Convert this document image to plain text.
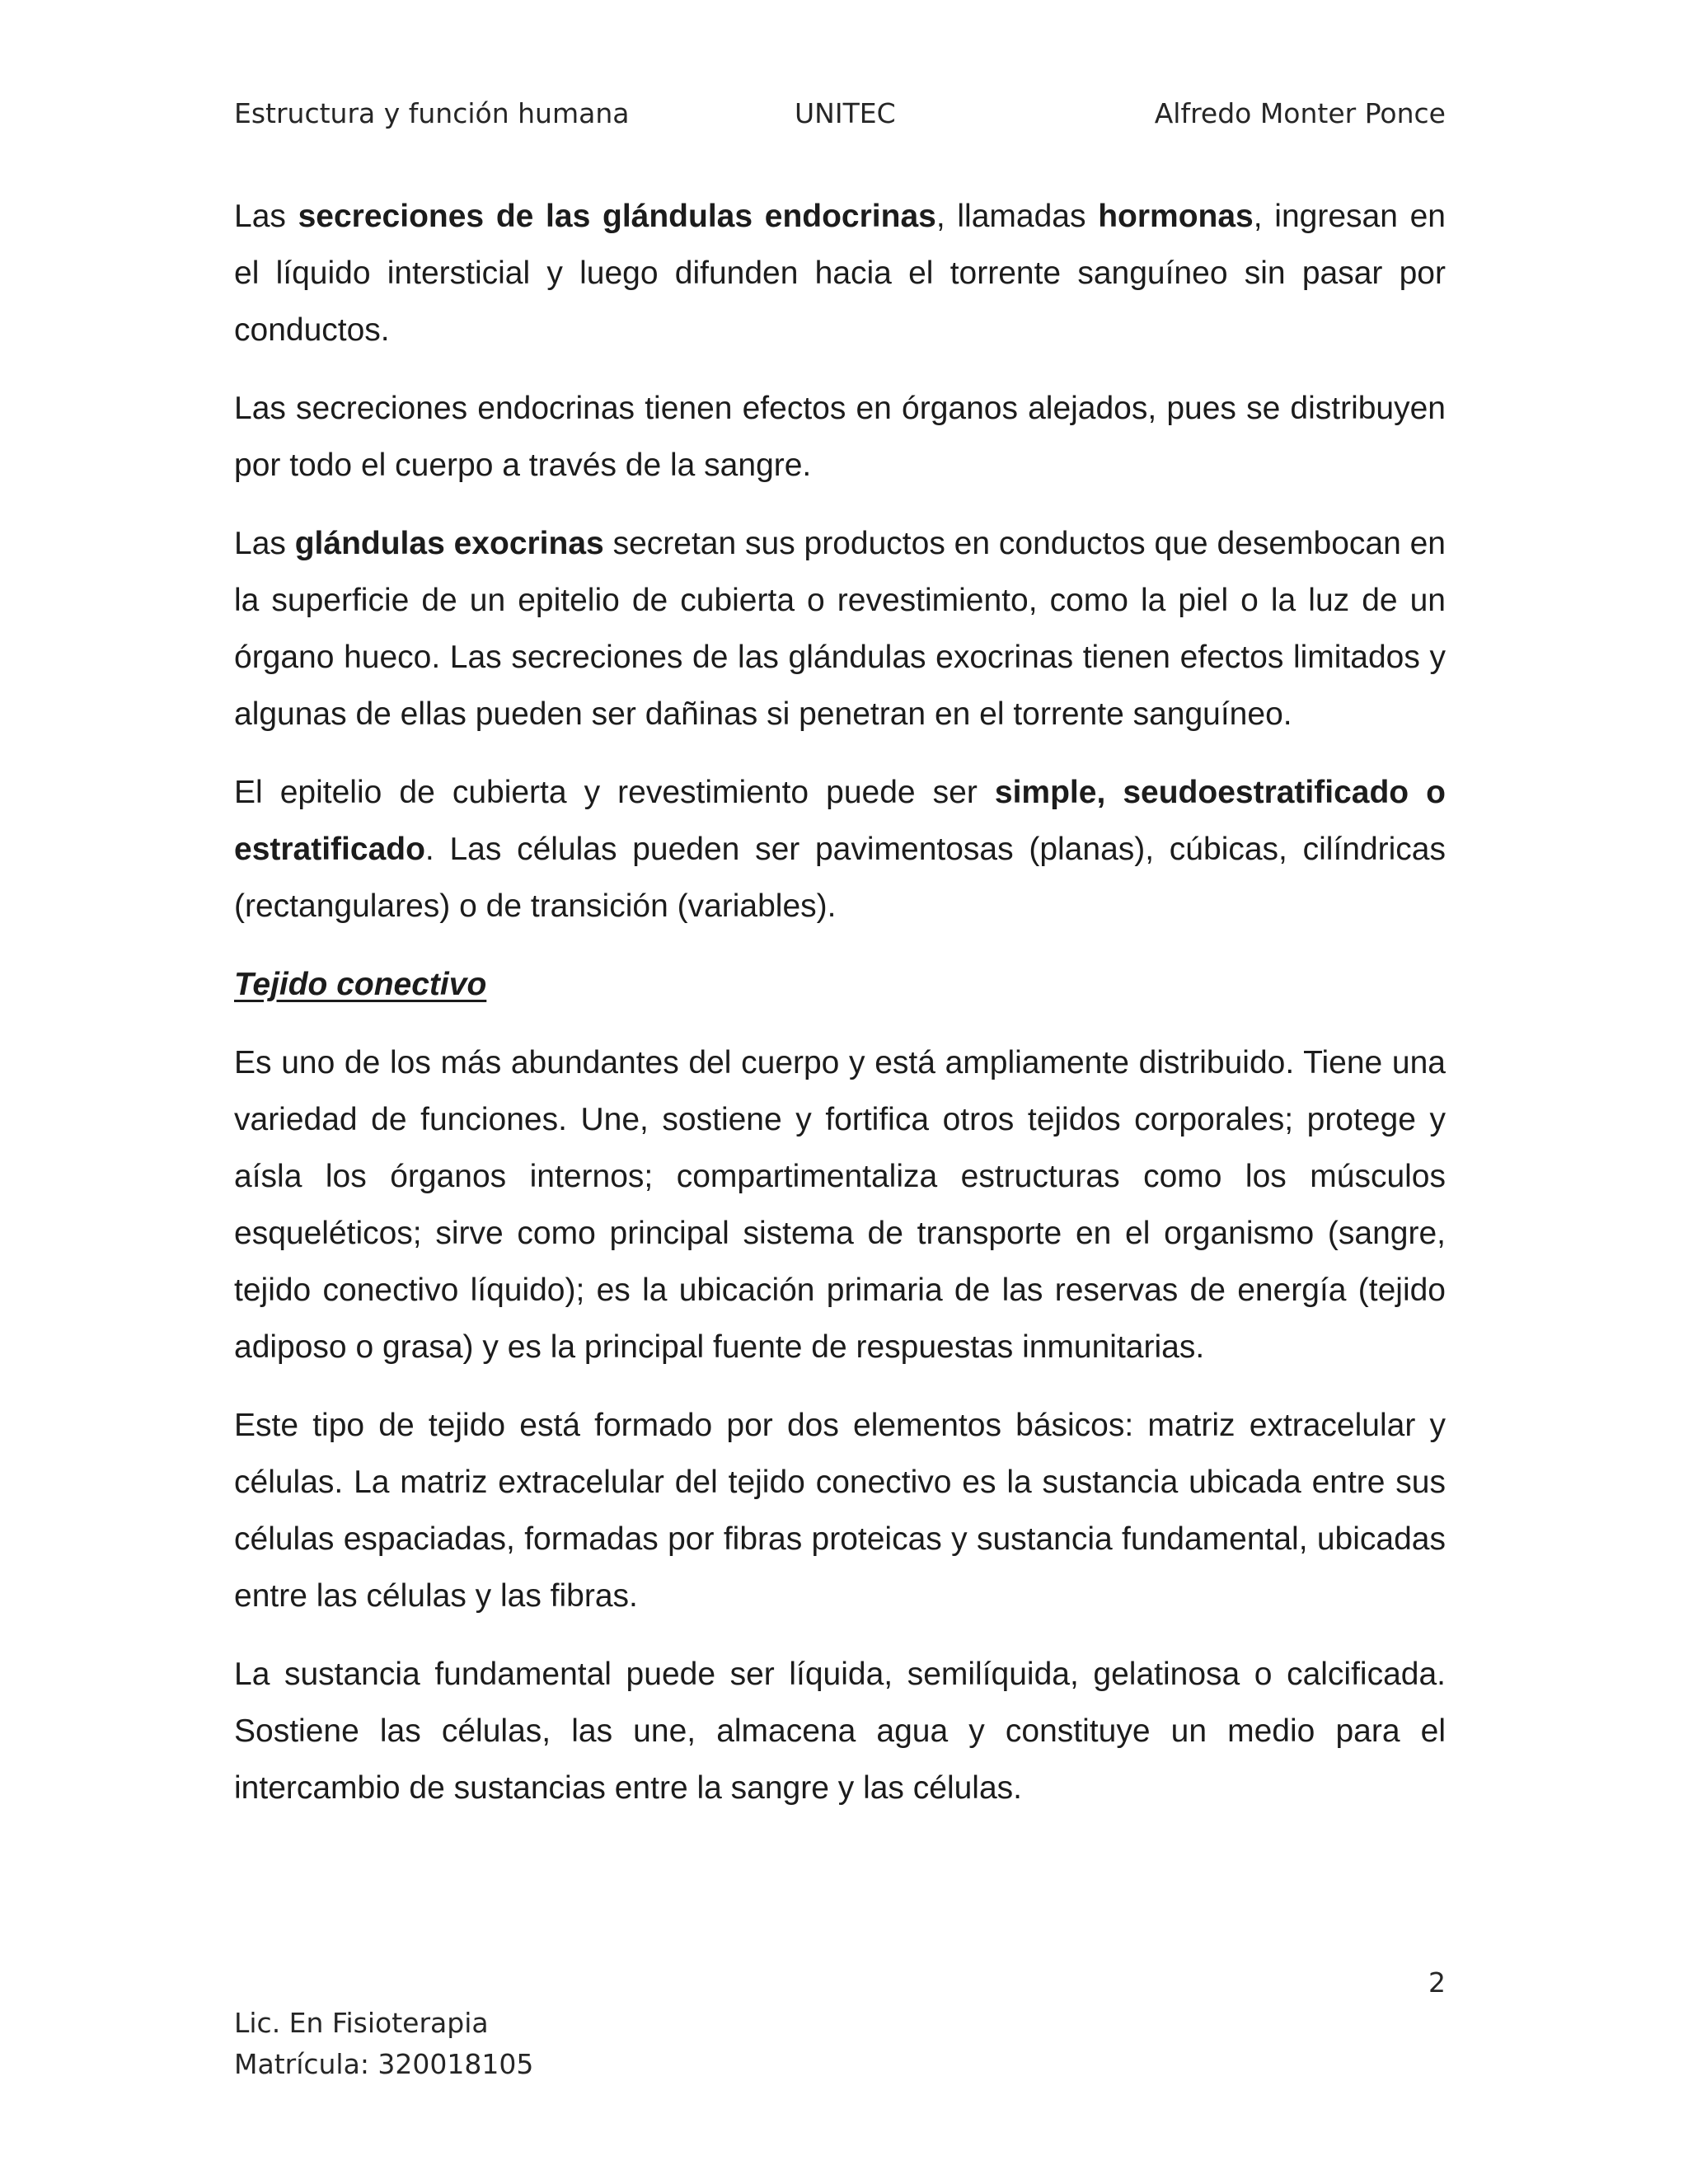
Estructura y función humana	UNITEC	Alfredo Monter Ponce

Las secreciones de las glándulas endocrinas, llamadas hormonas, ingresan en el líquido intersticial y luego difunden hacia el torrente sanguíneo sin pasar por conductos.

Las secreciones endocrinas tienen efectos en órganos alejados, pues se distribuyen por todo el cuerpo a través de la sangre.

Las glándulas exocrinas secretan sus productos en conductos que desembocan en la superficie de un epitelio de cubierta o revestimiento, como la piel o la luz de un órgano hueco. Las secreciones de las glándulas exocrinas tienen efectos limitados y algunas de ellas pueden ser dañinas si penetran en el torrente sanguíneo.

El epitelio de cubierta y revestimiento puede ser simple, seudoestratificado o estratificado. Las células pueden ser pavimentosas (planas), cúbicas, cilíndricas (rectangulares) o de transición (variables).

Tejido conectivo

Es uno de los más abundantes del cuerpo y está ampliamente distribuido. Tiene una variedad de funciones. Une, sostiene y fortifica otros tejidos corporales; protege y aísla los órganos internos; compartimentaliza estructuras como los músculos esqueléticos; sirve como principal sistema de transporte en el organismo (sangre, tejido conectivo líquido); es la ubicación primaria de las reservas de energía (tejido adiposo o grasa) y es la principal fuente de respuestas inmunitarias.

Este tipo de tejido está formado por dos elementos básicos: matriz extracelular y células. La matriz extracelular del tejido conectivo es la sustancia ubicada entre sus células espaciadas, formadas por fibras proteicas y sustancia fundamental, ubicadas entre las células y las fibras.

La sustancia fundamental puede ser líquida, semilíquida, gelatinosa o calcificada. Sostiene las células, las une, almacena agua y constituye un medio para el intercambio de sustancias entre la sangre y las células.

2
Lic. En Fisioterapia
Matrícula: 320018105
